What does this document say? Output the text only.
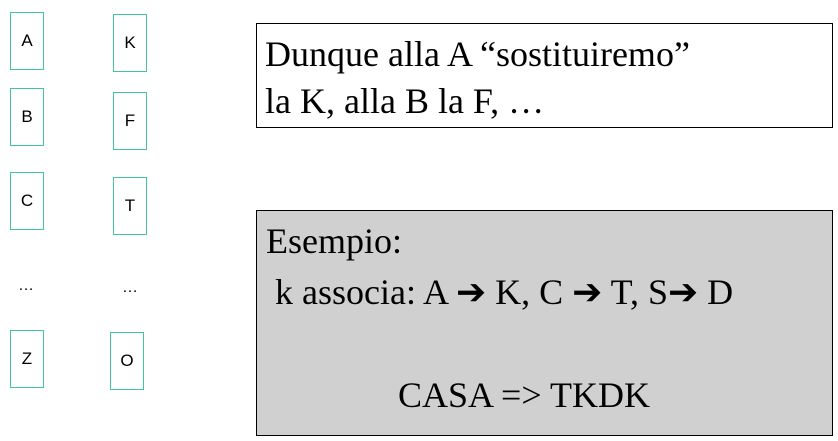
A
B
C
…
Z
K
F
T
…
O
Dunque alla A “sostituiremo”
la K, alla B la F, …
Esempio:
k associa: A ➔ K, C ➔ T, S➔ D
CASA => TKDK
